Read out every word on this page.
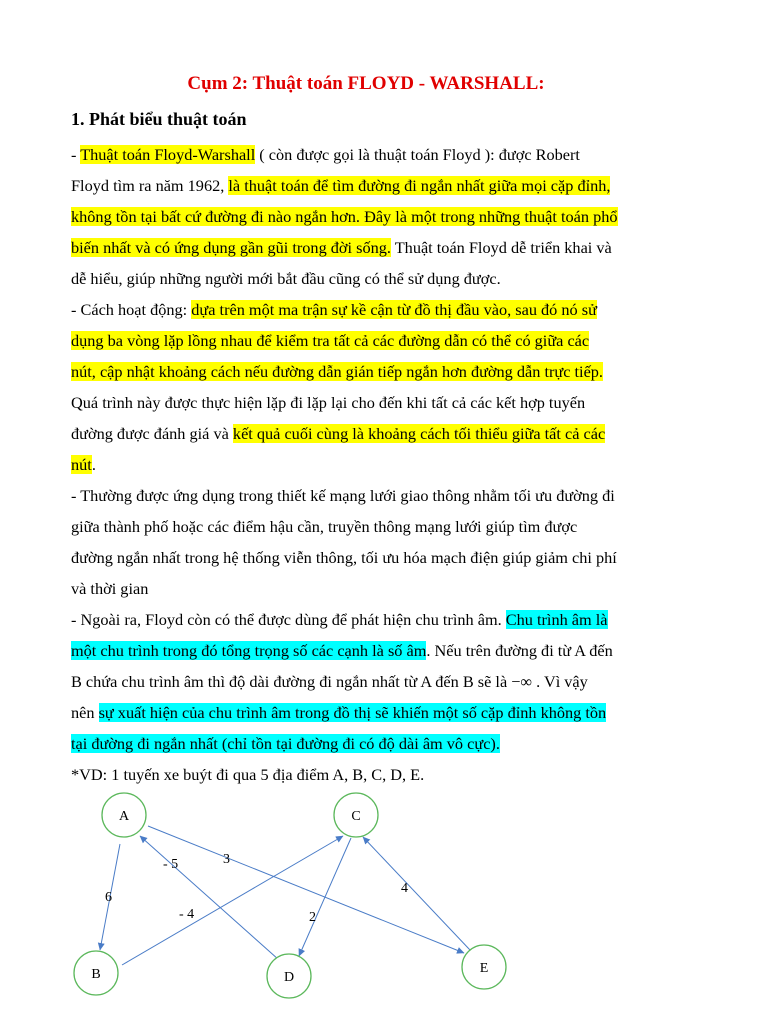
Cụm 2: Thuật toán FLOYD - WARSHALL:
1. Phát biểu thuật toán
- Thuật toán Floyd-Warshall ( còn được gọi là thuật toán Floyd ): được Robert
Floyd tìm ra năm 1962, là thuật toán để tìm đường đi ngắn nhất giữa mọi cặp đỉnh,
không tồn tại bất cứ đường đi nào ngắn hơn. Đây là một trong những thuật toán phổ
biến nhất và có ứng dụng gần gũi trong đời sống. Thuật toán Floyd dễ triển khai và
dễ hiểu, giúp những người mới bắt đầu cũng có thể sử dụng được.
- Cách hoạt động: dựa trên một ma trận sự kề cận từ đồ thị đầu vào, sau đó nó sử
dụng ba vòng lặp lồng nhau để kiểm tra tất cả các đường dẫn có thể có giữa các
nút, cập nhật khoảng cách nếu đường dẫn gián tiếp ngắn hơn đường dẫn trực tiếp.
Quá trình này được thực hiện lặp đi lặp lại cho đến khi tất cả các kết hợp tuyến
đường được đánh giá và kết quả cuối cùng là khoảng cách tối thiểu giữa tất cả các
nút.
- Thường được ứng dụng trong thiết kế mạng lưới giao thông nhằm tối ưu đường đi
giữa thành phố hoặc các điểm hậu cần, truyền thông mạng lưới giúp tìm được
đường ngắn nhất trong hệ thống viễn thông, tối ưu hóa mạch điện giúp giảm chi phí
và thời gian
- Ngoài ra, Floyd còn có thể được dùng để phát hiện chu trình âm. Chu trình âm là
một chu trình trong đó tổng trọng số các cạnh là số âm. Nếu trên đường đi từ A đến
B chứa chu trình âm thì độ dài đường đi ngắn nhất từ A đến B sẽ là −∞ . Vì vậy
nên sự xuất hiện của chu trình âm trong đồ thị sẽ khiến một số cặp đỉnh không tồn
tại đường đi ngắn nhất (chỉ tồn tại đường đi có độ dài âm vô cực).
*VD: 1 tuyến xe buýt đi qua 5 địa điểm A, B, C, D, E.
6
- 5	3
- 4	2
4
A	C
B	D
E
